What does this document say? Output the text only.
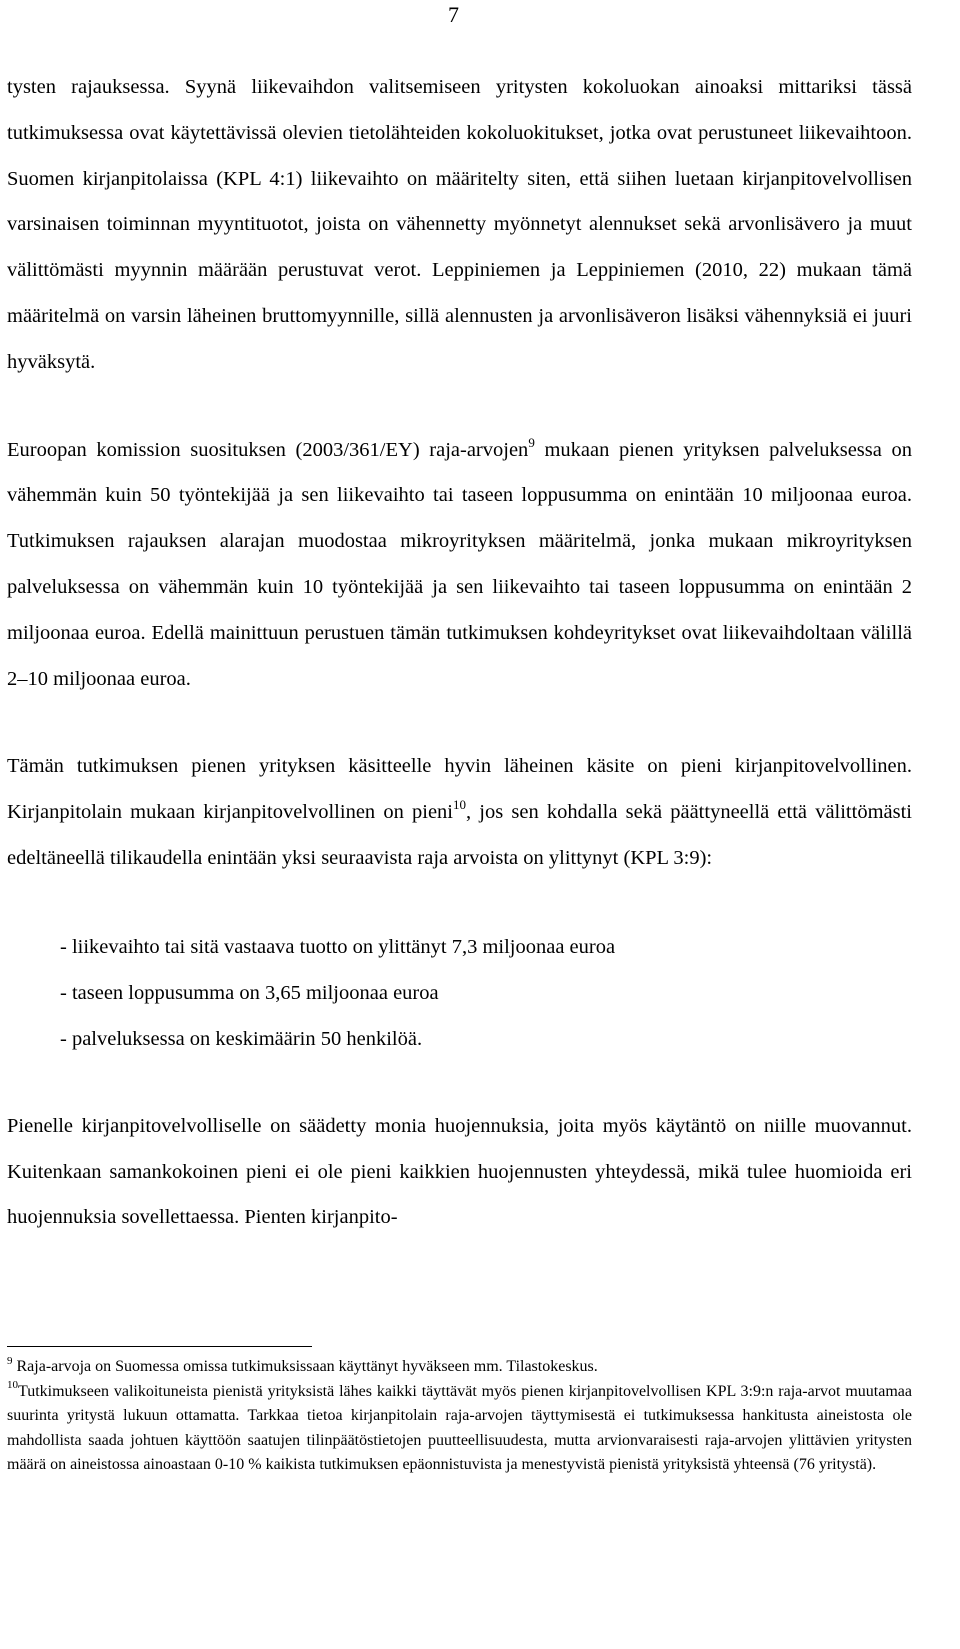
7

tysten rajauksessa. Syynä liikevaihdon valitsemiseen yritysten kokoluokan ainoaksi mittariksi tässä tutkimuksessa ovat käytettävissä olevien tietolähteiden kokoluokitukset, jotka ovat perustuneet liikevaihtoon. Suomen kirjanpitolaissa (KPL 4:1) liikevaihto on määritelty siten, että siihen luetaan kirjanpitovelvollisen varsinaisen toiminnan myyntituotot, joista on vähennetty myönnetyt alennukset sekä arvonlisävero ja muut välittömästi myynnin määrään perustuvat verot. Leppiniemen ja Leppiniemen (2010, 22) mukaan tämä määritelmä on varsin läheinen bruttomyynnille, sillä alennusten ja arvonlisäveron lisäksi vähennyksiä ei juuri hyväksytä.

Euroopan komission suosituksen (2003/361/EY) raja-arvojen$^9$ mukaan pienen yrityksen palveluksessa on vähemmän kuin 50 työntekijää ja sen liikevaihto tai taseen loppusumma on enintään 10 miljoonaa euroa. Tutkimuksen rajauksen alarajan muodostaa mikroyrityksen määritelmä, jonka mukaan mikroyrityksen palveluksessa on vähemmän kuin 10 työntekijää ja sen liikevaihto tai taseen loppusumma on enintään 2 miljoonaa euroa. Edellä mainittuun perustuen tämän tutkimuksen kohdeyritykset ovat liikevaihdoltaan välillä 2–10 miljoonaa euroa.

Tämän tutkimuksen pienen yrityksen käsitteelle hyvin läheinen käsite on pieni kirjanpitovelvollinen. Kirjanpitolain mukaan kirjanpitovelvollinen on pieni$^{10}$, jos sen kohdalla sekä päättyneellä että välittömästi edeltäneellä tilikaudella enintään yksi seuraavista raja arvoista on ylittynyt (KPL 3:9):

- liikevaihto tai sitä vastaava tuotto on ylittänyt 7,3 miljoonaa euroa
- taseen loppusumma on 3,65 miljoonaa euroa
- palveluksessa on keskimäärin 50 henkilöä.

Pienelle kirjanpitovelvolliselle on säädetty monia huojennuksia, joita myös käytäntö on niille muovannut. Kuitenkaan samankokoinen pieni ei ole pieni kaikkien huojennusten yhteydessä, mikä tulee huomioida eri huojennuksia sovellettaessa. Pienten kirjanpito-

$^9$ Raja-arvoja on Suomessa omissa tutkimuksissaan käyttänyt hyväkseen mm. Tilastokeskus.

$^{10}$Tutkimukseen valikoituneista pienistä yrityksistä lähes kaikki täyttävät myös pienen kirjanpitovelvollisen KPL 3:9:n raja-arvot muutamaa suurinta yritystä lukuun ottamatta. Tarkkaa tietoa kirjanpitolain raja-arvojen täyttymisestä ei tutkimuksessa hankitusta aineistosta ole mahdollista saada johtuen käyttöön saatujen tilinpäätöstietojen puutteellisuudesta, mutta arvionvaraisesti raja-arvojen ylittävien yritysten määrä on aineistossa ainoastaan 0-10 % kaikista tutkimuksen epäonnistuvista ja menestyvistä pienistä yrityksistä yhteensä (76 yritystä).
